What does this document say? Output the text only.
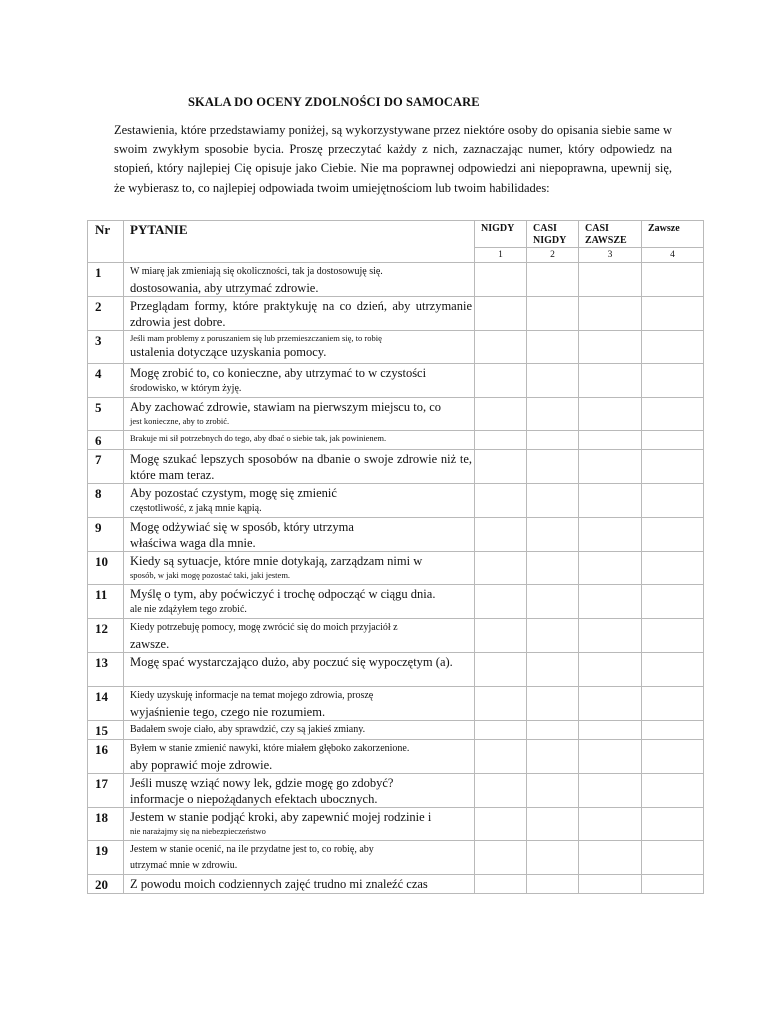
SKALA DO OCENY ZDOLNOŚCI DO SAMOCARE
Zestawienia, które przedstawiamy poniżej, są wykorzystywane przez niektóre osoby do opisania siebie same w swoim zwykłym sposobie bycia. Proszę przeczytać każdy z nich, zaznaczając numer, który odpowiedz na stopień, który najlepiej Cię opisuje jako Ciebie. Nie ma poprawnej odpowiedzi ani niepoprawna, upewnij się, że wybierasz to, co najlepiej odpowiada twoim umiejętnościom lub twoim habilidades:
Nr	PYTANIE	NIGDY	CASI NIGDY	CASI ZAWSZE	Zawsze
		1	2	3	4
1	W miarę jak zmieniają się okoliczności, tak ja dostosowuję się.
dostosowania, aby utrzymać zdrowie.				

2	Przeglądam formy, które praktykuję na co dzień, aby utrzymanie zdrowia jest dobre.				

3	Jeśli mam problemy z poruszaniem się lub przemieszczaniem się, to robię
ustalenia dotyczące uzyskania pomocy.				

4	Mogę zrobić to, co konieczne, aby utrzymać to w czystości
środowisko, w którym żyję.				

5	Aby zachować zdrowie, stawiam na pierwszym miejscu to, co
jest konieczne, aby to zrobić.				

6	Brakuje mi sił potrzebnych do tego, aby dbać o siebie tak, jak powinienem.				

7	Mogę szukać lepszych sposobów na dbanie o swoje zdrowie niż te, które mam teraz.				

8	Aby pozostać czystym, mogę się zmienić
częstotliwość, z jaką mnie kąpią.				

9	Mogę odżywiać się w sposób, który utrzyma
właściwa waga dla mnie.				

10	Kiedy są sytuacje, które mnie dotykają, zarządzam nimi w
sposób, w jaki mogę pozostać taki, jaki jestem.				

11	Myślę o tym, aby poćwiczyć i trochę odpocząć w ciągu dnia.
ale nie zdążyłem tego zrobić.				

12	Kiedy potrzebuję pomocy, mogę zwrócić się do moich przyjaciół z
zawsze.				

13	Mogę spać wystarczająco dużo, aby poczuć się wypoczętym (a).				

14	Kiedy uzyskuję informacje na temat mojego zdrowia, proszę
wyjaśnienie tego, czego nie rozumiem.				

15	Badałem swoje ciało, aby sprawdzić, czy są jakieś zmiany.				

16	Byłem w stanie zmienić nawyki, które miałem głęboko zakorzenione.
aby poprawić moje zdrowie.				

17	Jeśli muszę wziąć nowy lek, gdzie mogę go zdobyć?
informacje o niepożądanych efektach ubocznych.				

18	Jestem w stanie podjąć kroki, aby zapewnić mojej rodzinie i
nie narażajmy się na niebezpieczeństwo				

19	Jestem w stanie ocenić, na ile przydatne jest to, co robię, aby
utrzymać mnie w zdrowiu.				

20	Z powodu moich codziennych zajęć trudno mi znaleźć czas				
